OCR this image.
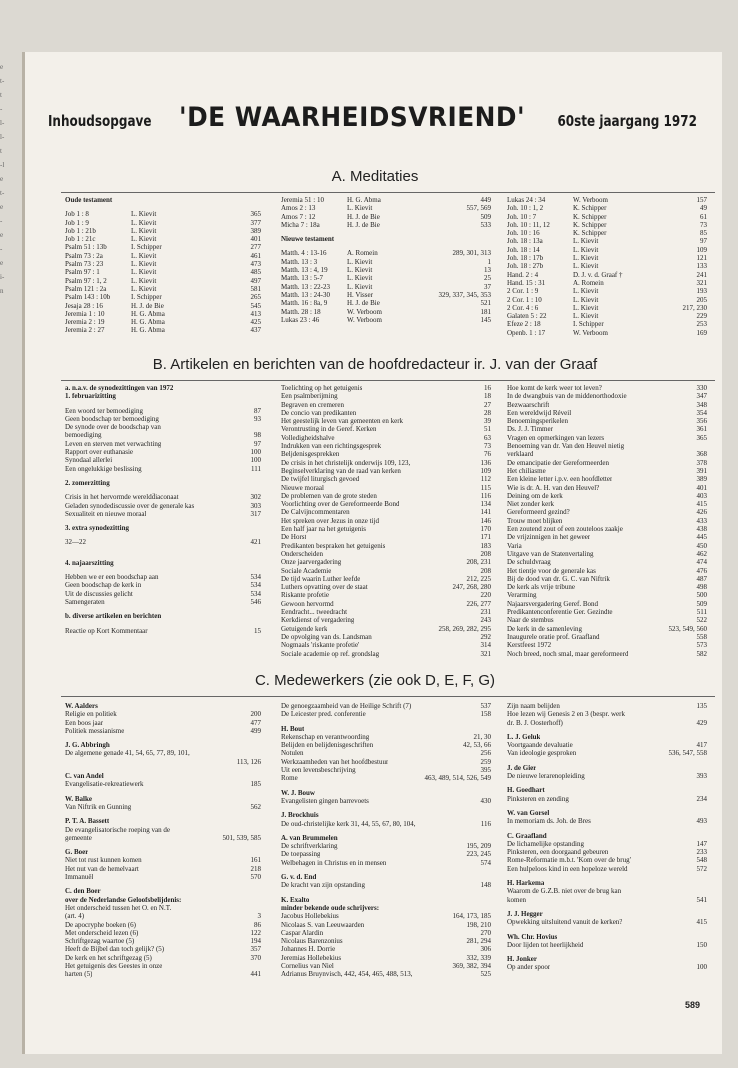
e
t-
t
-
l-
l-
t
-l
e
t-
e
-
e
-
e
i-
n
Inhoudsopgave 'DE WAARHEIDSVRIEND' 60ste jaargang 1972
A. Meditaties
Oude testament
Job 1 : 8	L. Kievit	365
Job 1 : 9	L. Kievit	377
Job 1 : 21b	L. Kievit	389
Job 1 : 21c	L. Kievit	401
Psalm 51 : 13b	I. Schipper	277
Psalm 73 : 2a	L. Kievit	461
Psalm 73 : 23	L. Kievit	473
Psalm 97 : 1	L. Kievit	485
Psalm 97 : 1, 2	L. Kievit	497
Psalm 121 : 2a	L. Kievit	581
Psalm 143 : 10b	I. Schipper	265
Jesaja 28 : 16	H. J. de Bie	545
Jeremia 1 : 10	H. G. Abma	413
Jeremia 2 : 19	H. G. Abma	425
Jeremia 2 : 27	H. G. Abma	437
Jeremia 51 : 10	H. G. Abma	449
Amos 2 : 13	L. Kievit	557, 569
Amos 7 : 12	H. J. de Bie	509
Micha 7 : 18a	H. J. de Bie	533
Nieuwe testament
Matth. 4 : 13-16	A. Romein	289, 301, 313
Matth. 13 : 3	L. Kievit	1
Matth. 13 : 4, 19	L. Kievit	13
Matth. 13 : 5-7	L. Kievit	25
Matth. 13 : 22-23	L. Kievit	37
Matth. 13 : 24-30	H. Visser	329, 337, 345, 353
Matth. 16 : 8a, 9	H. J. de Bie	521
Matth. 28 : 18	W. Verboom	181
Lukas 23 : 46	W. Verboom	145
Lukas 24 : 34	W. Verboom	157
Joh. 10 : 1, 2	K. Schipper	49
Joh. 10 : 7	K. Schipper	61
Joh. 10 : 11, 12	K. Schipper	73
Joh. 10 : 16	K. Schipper	85
Joh. 18 : 13a	L. Kievit	97
Joh. 18 : 14	L. Kievit	109
Joh. 18 : 17b	L. Kievit	121
Joh. 18 : 27b	L. Kievit	133
Hand. 2 : 4	D. J. v. d. Graaf †	241
Hand. 15 : 31	A. Romein	321
2 Cor. 1 : 9	L. Kievit	193
2 Cor. 1 : 10	L. Kievit	205
2 Cor. 4 : 6	L. Kievit	217, 230
Galaten 5 : 22	L. Kievit	229
Efeze 2 : 18	I. Schipper	253
Openb. 1 : 17	W. Verboom	169
B. Artikelen en berichten van de hoofdredacteur ir. J. van der Graaf
a. n.a.v. de synodezittingen van 1972
1. februarizitting
Een woord ter bemoediging	87
Geen boodschap ter bemoediging	93
De synode over de boodschap van
bemoediging	98
Leven en sterven met verwachting	97
Rapport over euthanasie	100
Synodaal allerlei	100
Een ongelukkige beslissing	111
2. zomerzitting
Crisis in het hervormde wereldd̈iaconaat	302
Geladen synodediscussie over de generale kas	303
Sexualiteit en nieuwe moraal	317
3. extra synodezitting
32—22	421
4. najaarszitting
Hebben we er een boodschap aan	534
Geen boodschap de kerk in	534
Uit de discussies gelicht	534
Samengeraten	546
b. diverse artikelen en berichten
Reactie op Kort Kommentaar	15
Toelichting op het getuigenis	16
Een psalmberijming	18
Begraven en cremeren	27
De concio van predikanten	28
Het geestelijk leven van gemeenten en kerk	39
Verontrusting in de Geref. Kerken	51
Volledigheidshalve	63
Indrukken van een richtingsgesprek	73
Beljdenisgesprekken	76
De crisis in het christelijk onderwijs 109, 123,	136
Beginselverklaring van de raad van kerken	109
De twijfel liturgisch gevoed	112
Nieuwe moraal	115
De problemen van de grote steden	116
Voorlichting over de Gereformeerde Bond	134
De Calvijncommentaren	141
Het spreken over Jezus in onze tijd	146
Een half jaar na het getuigenis	170
De Horst	171
Predikanten bespraken het getuigenis	183
Onderscheiden	208
Onze jaarvergadering	208, 231
Sociale Academie	208
De tijd waarin Luther leefde	212, 225
Luthers opvatting over de staat	247, 268, 280
Riskante profetie	220
Gewoon hervormd	226, 277
Eendracht... tweedracht	231
Kerkdienst of vergadering	243
Getuigende kerk	258, 269, 282, 295
De opvolging van ds. Landsman	292
Nogmaals 'riskante profetie'	314
Sociale academie op ref. grondslag	321
Hoe komt de kerk weer tot leven?	330
In de dwangbuis van de middenorthodoxie	347
Bezwaarschrift	348
Een wereldwijd Réveil	354
Benoemingsperikelen	356
Ds. J. J. Timmer	361
Vragen en opmerkingen van lezers	365
Benoeming van dr. Van den Heuvel nietig
verklaard	368
De emancipatie der Gereformeerden	378
Het chiliasme	391
Een kleine letter i.p.v. een hoofdletter	389
Wie is dr. A. H. van den Heuvel?	401
Deining om de kerk	403
Niet zonder kerk	415
Gereformeerd gezind?	426
Trouw moet blijken	433
Een zoutend zout of een zouteloos zaakje	438
De vrijzinnigen in het geweer	445
Varia	450
Uitgave van de Statenvertaling	462
De schuldvraag	474
Het tientje voor de generale kas	476
Bij de dood van dr. G. C. van Niftrik	487
De kerk als vrije tribune	498
Verarming	500
Najaarsvergadering Geref. Bond	509
Predikantenconferentie Ger. Gezindte	511
Naar de stembus	522
De kerk in de samenleving	523, 549, 560
Inaugurele oratie prof. Graafland	558
Kerstfeest 1972	573
Noch breed, noch smal, maar gereformeerd	582
C. Medewerkers (zie ook D, E, F, G)
W. Aalders
Religie en politiek	200
Een boos jaar	477
Politiek messianisme	499
J. G. Abbringh
De algemene genade 41, 54, 65, 77, 89, 101,
113, 126
C. van Andel
Evangelisatie-rekreatiewerk	185
W. Balke
Van Niftrik en Gunning	562
P. T. A. Bassett
De evangelisatorische roeping van de
gemeente	501, 539, 585
G. Boer
Niet tot rust kunnen komen	161
Het nut van de hemelvaart	218
Immanuël	570
C. den Boer
over de Nederlandse Geloofsbelijdenis:
Het onderscheid tussen het O. en N.T.
(art. 4)	3
De apocryphe boeken (6)	86
Met onderscheid lezen (6)	122
Schriftgezag waartoe (5)	194
Heeft de Bijbel dan toch gelijk? (5)	357
De kerk en het schriftgezag (5)	370
Het getuigenis des Geestes in onze
harten (5)	441
De genoegzaamheid van de Heilige Schrift (7)	537
De Leicester pred. conferentie	158
H. Bout
Rekenschap en verantwoording	21, 30
Belijden en belijdenisgeschriften	42, 53, 66
Notulen	256
Werkzaamheden van het hoofdbestuur	259
Uit een levensbeschrijving	395
Rome	463, 489, 514, 526, 549
W. J. Bouw
Evangelisten gingen barrevoets	430
J. Brockhuis
De oud-christelijke kerk 31, 44, 55, 67, 80, 104,	116
A. van Brummelen
De schriftverklaring	195, 209
De toepassing	223, 245
Welbehagen in Christus en in mensen	574
G. v. d. End
De kracht van zijn opstanding	148
K. Exalto
minder bekende oude schrijvers:
Jacobus Hollebekius	164, 173, 185
Nicolaas S. van Leeuwaarden	198, 210
Caspar Alardin	270
Nicolaus Barenzonius	281, 294
Johannes H. Dorrie	306
Jeremias Hollebekius	332, 339
Cornelius van Niel	369, 382, 394
Adrianus Bruynvisch, 442, 454, 465, 488, 513,	525
Zijn naam belijden	135
Hoe lezen wij Genesis 2 en 3 (bespr. werk
dr. B. J. Oosterhoff)	429
L. J. Geluk
Voortgaande devaluatie	417
Van ideologie gesproken	536, 547, 558
J. de Gier
De nieuwe lerarenopleiding	393
H. Goedhart
Pinksteren en zending	234
W. van Gorsel
In memoriam ds. Joh. de Bres	493
C. Graafland
De lichamelijke opstanding	147
Pinksteren, een doorgaand gebeuren	233
Rome-Reformatie m.b.t. 'Kom over de brug'	548
Een hulpeloos kind in een hopeloze wereld	572
H. Harkema
Waarom de G.Z.B. niet over de brug kan
komen	541
J. J. Hegger
Opwekking uitsluitend vanuit de kerken?	415
Wh. Chr. Hovius
Door lijden tot heerlijkheid	150
H. Jonker
Op ander spoor	100
589
